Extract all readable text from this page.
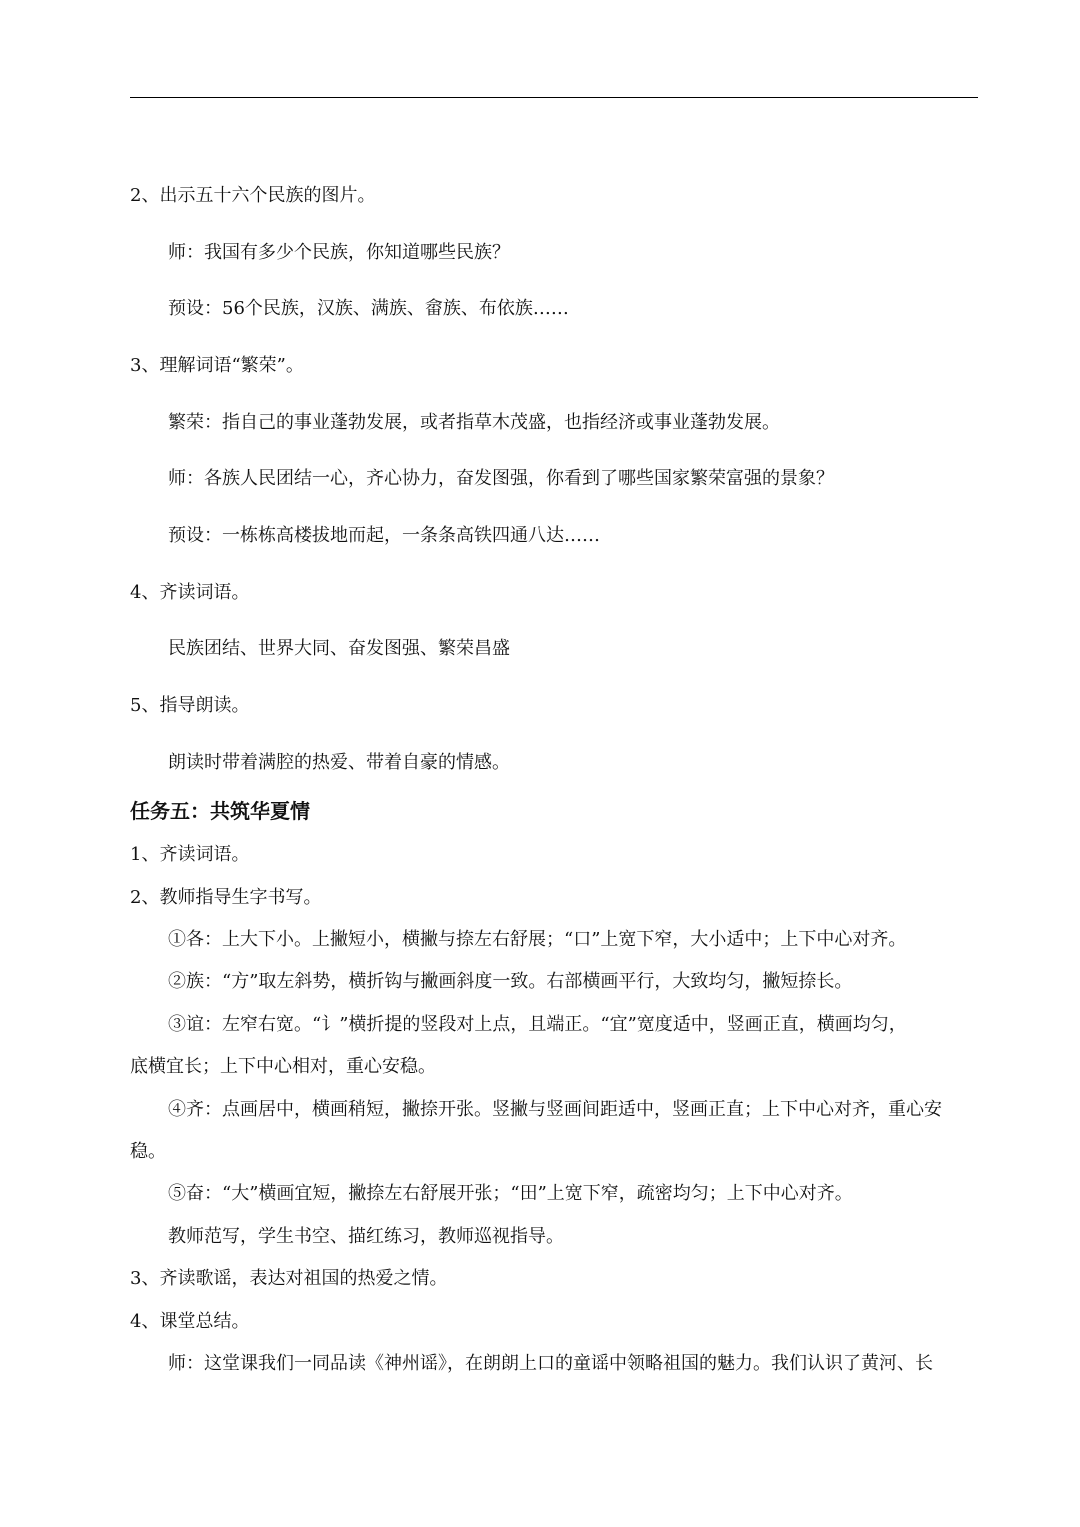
2、出示五十六个民族的图片。
师：我国有多少个民族，你知道哪些民族？
预设：56个民族，汉族、满族、畲族、布依族……
3、理解词语“繁荣”。
繁荣：指自己的事业蓬勃发展，或者指草木茂盛，也指经济或事业蓬勃发展。
师：各族人民团结一心，齐心协力，奋发图强，你看到了哪些国家繁荣富强的景象？
预设：一栋栋高楼拔地而起，一条条高铁四通八达……
4、齐读词语。
民族团结、世界大同、奋发图强、繁荣昌盛
5、指导朗读。
朗读时带着满腔的热爱、带着自豪的情感。
任务五：共筑华夏情
1、齐读词语。
2、教师指导生字书写。
①各：上大下小。上撇短小，横撇与捺左右舒展；“口”上宽下窄，大小适中；上下中心对齐。
②族：“方”取左斜势，横折钩与撇画斜度一致。右部横画平行，大致均匀，撇短捺长。
③谊：左窄右宽。“讠”横折提的竖段对上点，且端正。“宜”宽度适中，竖画正直，横画均匀，
底横宜长；上下中心相对，重心安稳。
④齐：点画居中，横画稍短，撇捺开张。竖撇与竖画间距适中，竖画正直；上下中心对齐，重心安
稳。
⑤奋：“大”横画宜短，撇捺左右舒展开张；“田”上宽下窄，疏密均匀；上下中心对齐。
教师范写，学生书空、描红练习，教师巡视指导。
3、齐读歌谣，表达对祖国的热爱之情。
4、课堂总结。
师：这堂课我们一同品读《神州谣》，在朗朗上口的童谣中领略祖国的魅力。我们认识了黄河、长
